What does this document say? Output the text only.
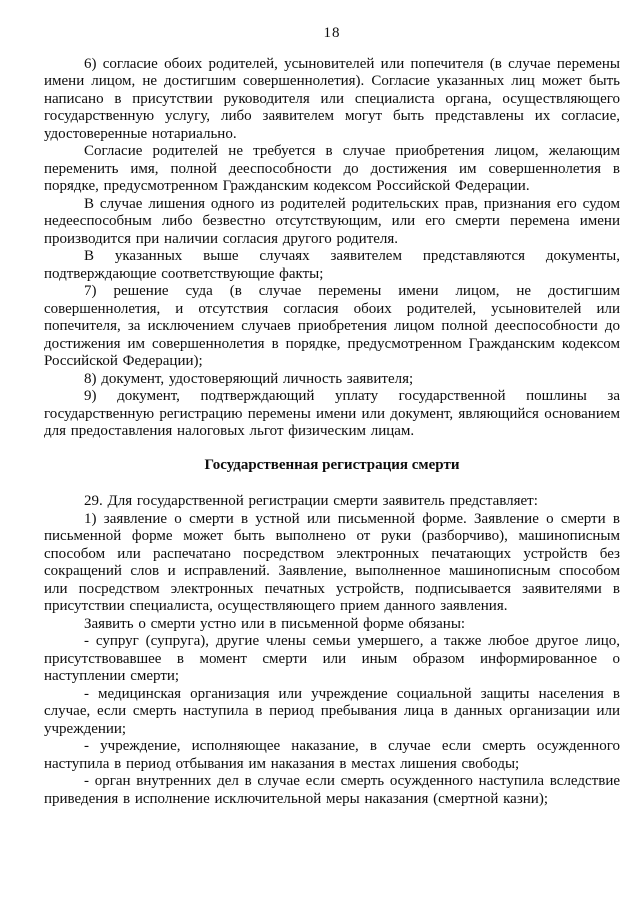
18

6) согласие обоих родителей, усыновителей или попечителя (в случае перемены имени лицом, не достигшим совершеннолетия). Согласие указанных лиц может быть написано в присутствии руководителя или специалиста органа, осуществляющего государственную услугу, либо заявителем могут быть представлены их согласие, удостоверенные нотариально.

Согласие родителей не требуется в случае приобретения лицом, желающим переменить имя, полной дееспособности до достижения им совершеннолетия в порядке, предусмотренном Гражданским кодексом Российской Федерации.

В случае лишения одного из родителей родительских прав, признания его судом недееспособным либо безвестно отсутствующим, или его смерти перемена имени производится при наличии согласия другого родителя.

В указанных выше случаях заявителем представляются документы, подтверждающие соответствующие факты;

7) решение суда (в случае перемены имени лицом, не достигшим совершеннолетия, и отсутствия согласия обоих родителей, усыновителей или попечителя, за исключением случаев приобретения лицом полной дееспособности до достижения им совершеннолетия в порядке, предусмотренном Гражданским кодексом Российской Федерации);

8) документ, удостоверяющий личность заявителя;

9) документ, подтверждающий уплату государственной пошлины за государственную регистрацию перемены имени или документ, являющийся основанием для предоставления налоговых льгот физическим лицам.

Государственная регистрация смерти

29. Для государственной регистрации смерти заявитель представляет:

1) заявление о смерти в устной или письменной форме. Заявление о смерти в письменной форме может быть выполнено от руки (разборчиво), машинописным способом или распечатано посредством электронных печатающих устройств без сокращений слов и исправлений. Заявление, выполненное машинописным способом или посредством электронных печатных устройств, подписывается заявителями в присутствии специалиста, осуществляющего прием данного заявления.

Заявить о смерти устно или в письменной форме обязаны:

- супруг (супруга), другие члены семьи умершего, а также любое другое лицо, присутствовавшее в момент смерти или иным образом информированное о наступлении смерти;

- медицинская организация или учреждение социальной защиты населения в случае, если смерть наступила в период пребывания лица в данных организации или учреждении;

- учреждение, исполняющее наказание, в случае если смерть осужденного наступила в период отбывания им наказания в местах лишения свободы;

- орган внутренних дел в случае если смерть осужденного наступила вследствие приведения в исполнение исключительной меры наказания (смертной казни);
